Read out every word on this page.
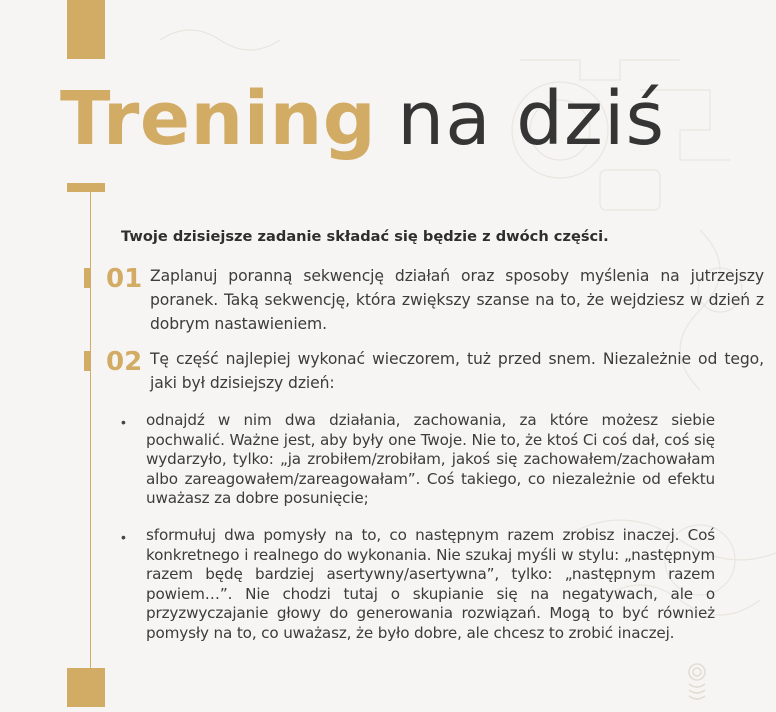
Trening na dziś

Twoje dzisiejsze zadanie składać się będzie z dwóch części.

01 Zaplanuj poranną sekwencję działań oraz sposoby myślenia na jutrzejszy poranek. Taką sekwencję, która zwiększy szanse na to, że wejdziesz w dzień z dobrym nastawieniem.

02 Tę część najlepiej wykonać wieczorem, tuż przed snem. Niezależnie od tego, jaki był dzisiejszy dzień:

• odnajdź w nim dwa działania, zachowania, za które możesz siebie pochwalić. Ważne jest, aby były one Twoje. Nie to, że ktoś Ci coś dał, coś się wydarzyło, tylko: „ja zrobiłem/zrobiłam, jakoś się zachowałem/zachowałam albo zareagowałem/zareagowałam”. Coś takiego, co niezależnie od efektu uważasz za dobre posunięcie;

• sformułuj dwa pomysły na to, co następnym razem zrobisz inaczej. Coś konkretnego i realnego do wykonania. Nie szukaj myśli w stylu: „następnym razem będę bardziej asertywny/asertywna”, tylko: „następnym razem powiem…”. Nie chodzi tutaj o skupianie się na negatywach, ale o przyzwyczajanie głowy do generowania rozwiązań. Mogą to być również pomysły na to, co uważasz, że było dobre, ale chcesz to zrobić inaczej.
